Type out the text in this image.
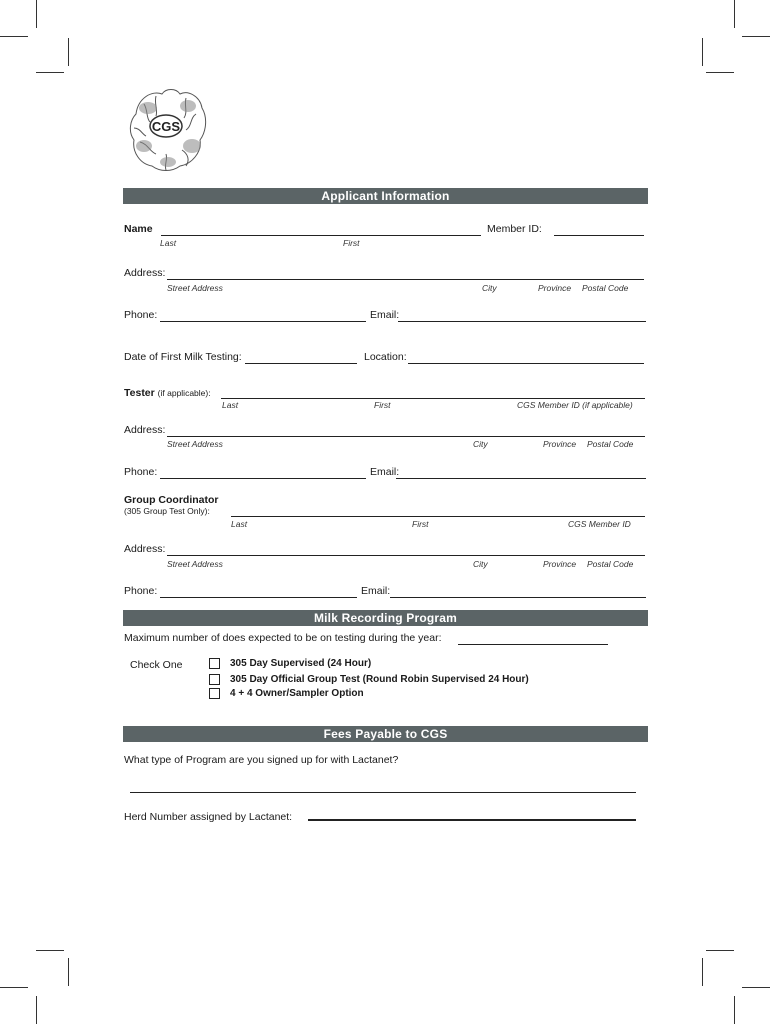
CGS
Applicant Information
Name
Last	First
Member ID:
Address:
Street Address	City	Province Postal Code
Phone:	Email:
Date of First Milk Testing:	Location:
Tester (if applicable):
Last	First	CGS Member ID (if applicable)
Address:
Street Address	City	Province Postal Code
Phone:	Email:
Group Coordinator
(305 Group Test Only):
Last	First	CGS Member ID
Address:
Street Address	City	Province Postal Code
Phone:	Email:
Milk Recording Program
Maximum number of does expected to be on testing during the year:
Check One	305 Day Supervised (24 Hour)
305 Day Official Group Test (Round Robin Supervised 24 Hour)
4 + 4 Owner/Sampler Option
Fees Payable to CGS
What type of Program are you signed up for with Lactanet?
Herd Number assigned by Lactanet:
